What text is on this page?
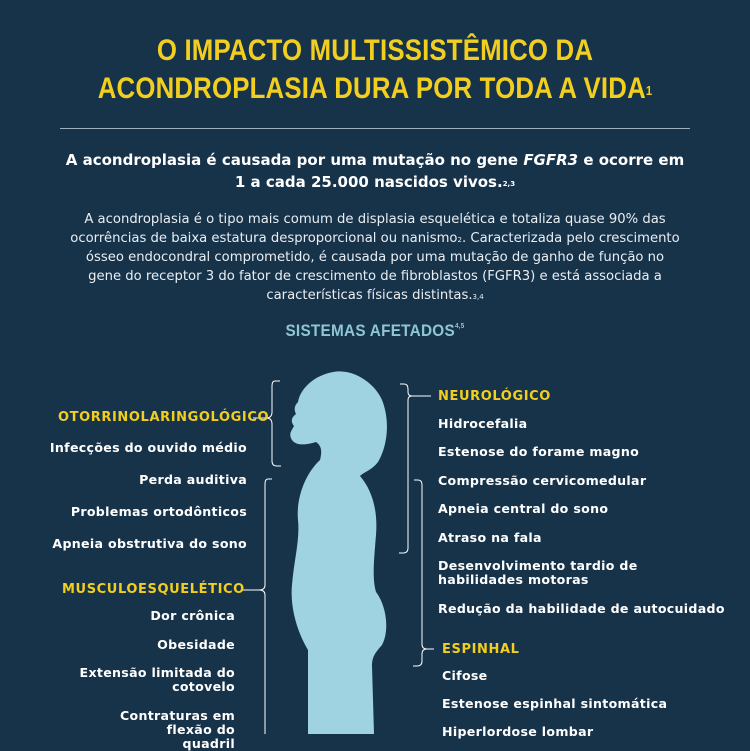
O IMPACTO MULTISSISTÊMICO DA
ACONDROPLASIA DURA POR TODA A VIDA$^1$
A acondroplasia é causada por uma mutação no gene FGFR3 e ocorre em 1 a cada 25.000 nascidos vivos.$^{2,3}$
A acondroplasia é o tipo mais comum de displasia esquelética e totaliza quase 90% das ocorrências de baixa estatura desproporcional ou nanismo$^2$. Caracterizada pelo crescimento ósseo endocondral comprometido, é causada por uma mutação de ganho de função no gene do receptor 3 do fator de crescimento de fibroblastos (FGFR3) e está associada a características físicas distintas.$^{3,4}$
SISTEMAS AFETADOS$^{4,5}$
OTORRINOLARINGOLÓGICO
Infecções do ouvido médio
Perda auditiva
Problemas ortodônticos
Apneia obstrutiva do sono
MUSCULOESQUELÉTICO
Dor crônica
Obesidade
Extensão limitada do cotovelo
Contraturas em flexão do quadril
NEUROLÓGICO
Hidrocefalia
Estenose do forame magno
Compressão cervicomedular
Apneia central do sono
Atraso na fala
Desenvolvimento tardio de habilidades motoras
Redução da habilidade de autocuidado
ESPINHAL
Cifose
Estenose espinhal sintomática
Hiperlordose lombar
